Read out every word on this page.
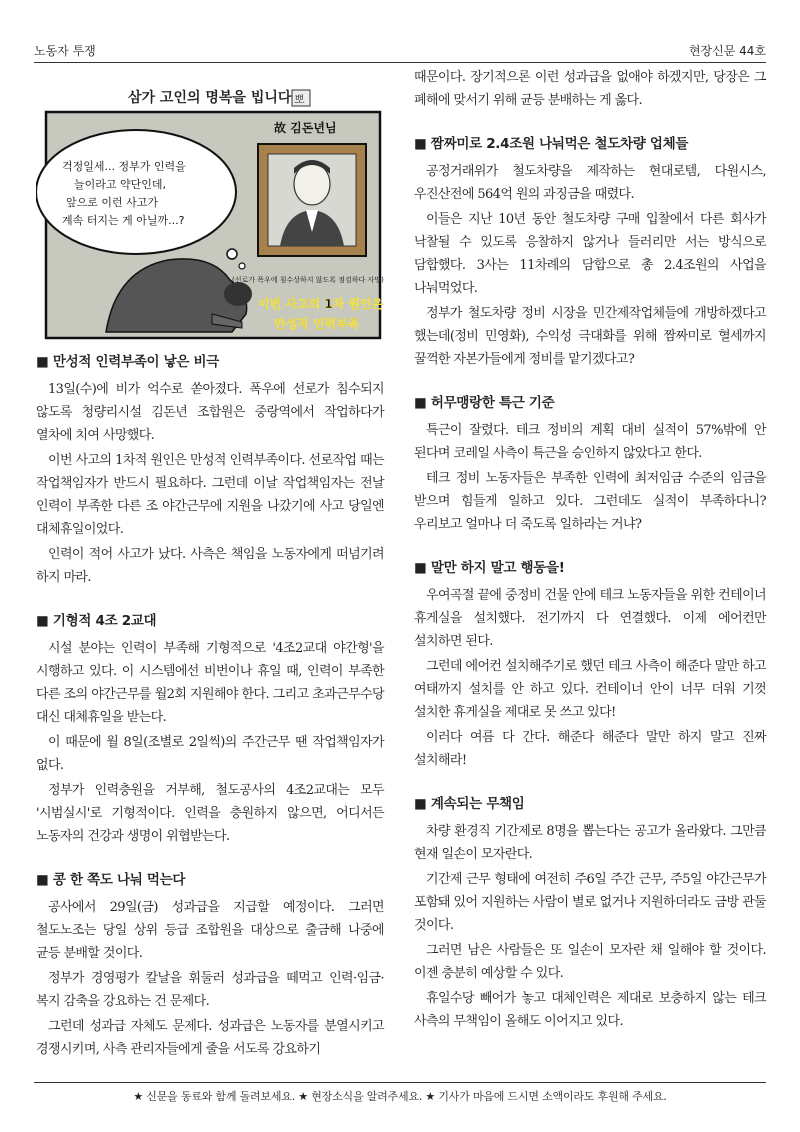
노동자 투쟁	현장신문 44호
삼가 고인의 명복을 빕니다 뽀
걱정일세... 정부가 인력을
늘이라고 약단인데,
앞으로 이런 사고가
계속 터지는 게 아닐까...?
故 김돈년님
(선로가 폭우에 침수상하지 않도록 점검하다 사망)
이번 사고의 1차 원인은
만성적 인력부족
■ 만성적 인력부족이 낳은 비극

13일(수)에 비가 억수로 쏟아졌다. 폭우에 선로가 침수되지 않도록 청량리시설 김돈년 조합원은 중랑역에서 작업하다가 열차에 치여 사망했다.

이번 사고의 1차적 원인은 만성적 인력부족이다. 선로작업 때는 작업책임자가 반드시 필요하다. 그런데 이날 작업책임자는 전날 인력이 부족한 다른 조 야간근무에 지원을 나갔기에 사고 당일엔 대체휴일이었다.

인력이 적어 사고가 났다. 사측은 책임을 노동자에게 떠넘기려 하지 마라.

■ 기형적 4조 2교대

시설 분야는 인력이 부족해 기형적으로 '4조2교대 야간형'을 시행하고 있다. 이 시스템에선 비번이나 휴일 때, 인력이 부족한 다른 조의 야간근무를 월2회 지원해야 한다. 그리고 초과근무수당 대신 대체휴일을 받는다.

이 때문에 월 8일(조별로 2일씩)의 주간근무 땐 작업책임자가 없다.

정부가 인력충원을 거부해, 철도공사의 4조2교대는 모두 '시범실시'로 기형적이다. 인력을 충원하지 않으면, 어디서든 노동자의 건강과 생명이 위협받는다.

■ 콩 한 쪽도 나눠 먹는다

공사에서 29일(금) 성과급을 지급할 예정이다. 그러면 철도노조는 당일 상위 등급 조합원을 대상으로 출금해 나중에 균등 분배할 것이다.

정부가 경영평가 칼날을 휘둘러 성과급을 떼먹고 인력·임금·복지 감축을 강요하는 건 문제다.

그런데 성과급 자체도 문제다. 성과급은 노동자를 분열시키고 경쟁시키며, 사측 관리자들에게 줄을 서도록 강요하기

때문이다. 장기적으론 이런 성과급을 없애야 하겠지만, 당장은 그 폐해에 맞서기 위해 균등 분배하는 게 옳다.

■ 짬짜미로 2.4조원 나눠먹은 철도차량 업체들

공정거래위가 철도차량을 제작하는 현대로템, 다원시스, 우진산전에 564억 원의 과징금을 때렸다.

이들은 지난 10년 동안 철도차량 구매 입찰에서 다른 회사가 낙찰될 수 있도록 응찰하지 않거나 들러리만 서는 방식으로 담합했다. 3사는 11차례의 담합으로 총 2.4조원의 사업을 나눠먹었다.

정부가 철도차량 정비 시장을 민간제작업체들에 개방하겠다고 했는데(정비 민영화), 수익성 극대화를 위해 짬짜미로 혈세까지 꿀꺽한 자본가들에게 정비를 맡기겠다고?

■ 허무맹랑한 특근 기준

특근이 잘렸다. 테크 정비의 계획 대비 실적이 57%밖에 안 된다며 코레일 사측이 특근을 승인하지 않았다고 한다.

테크 정비 노동자들은 부족한 인력에 최저임금 수준의 임금을 받으며 힘들게 일하고 있다. 그런데도 실적이 부족하다니? 우리보고 얼마나 더 죽도록 일하라는 거냐?

■ 말만 하지 말고 행동을!

우여곡절 끝에 중정비 건물 안에 테크 노동자들을 위한 컨테이너 휴게실을 설치했다. 전기까지 다 연결했다. 이제 에어컨만 설치하면 된다.

그런데 에어컨 설치해주기로 했던 테크 사측이 해준다 말만 하고 여태까지 설치를 안 하고 있다. 컨테이너 안이 너무 더워 기껏 설치한 휴게실을 제대로 못 쓰고 있다!

이러다 여름 다 간다. 해준다 해준다 말만 하지 말고 진짜 설치해라!

■ 계속되는 무책임

차량 환경직 기간제로 8명을 뽑는다는 공고가 올라왔다. 그만큼 현재 일손이 모자란다.

기간제 근무 형태에 여전히 주6일 주간 근무, 주5일 야간근무가 포함돼 있어 지원하는 사람이 별로 없거나 지원하더라도 금방 관둘 것이다.

그러면 남은 사람들은 또 일손이 모자란 채 일해야 할 것이다. 이젠 충분히 예상할 수 있다.

휴일수당 빼어가 놓고 대체인력은 제대로 보충하지 않는 테크 사측의 무책임이 올해도 이어지고 있다.

★ 신문을 동료와 함께 돌려보세요. ★ 현장소식을 알려주세요. ★ 기사가 마음에 드시면 소액이라도 후원해 주세요.
